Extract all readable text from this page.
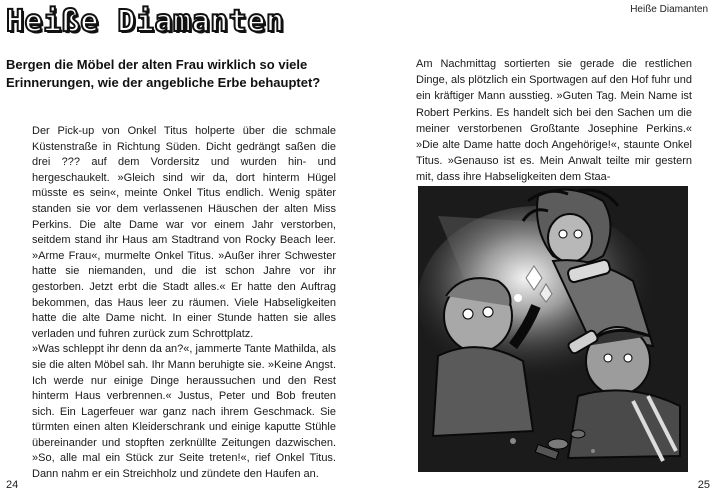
Heiße Diamanten	Heiße Diamanten
Bergen die Möbel der alten Frau wirklich so viele Erinnerungen, wie der angebliche Erbe behauptet?

Der Pick-up von Onkel Titus holperte über die schmale Küstenstraße in Richtung Süden. Dicht gedrängt saßen die drei ??? auf dem Vordersitz und wurden hin- und hergeschaukelt. »Gleich sind wir da, dort hinterm Hügel müsste es sein«, meinte Onkel Titus endlich. Wenig später standen sie vor dem verlassenen Häuschen der alten Miss Perkins. Die alte Dame war vor einem Jahr verstorben, seitdem stand ihr Haus am Stadtrand von Rocky Beach leer. »Arme Frau«, murmelte Onkel Titus. »Außer ihrer Schwester hatte sie niemanden, und die ist schon Jahre vor ihr gestorben. Jetzt erbt die Stadt alles.« Er hatte den Auftrag bekommen, das Haus leer zu räumen. Viele Habseligkeiten hatte die alte Dame nicht. In einer Stunde hatten sie alles verladen und fuhren zurück zum Schrottplatz.

»Was schleppt ihr denn da an?«, jammerte Tante Mathilda, als sie die alten Möbel sah. Ihr Mann beruhigte sie. »Keine Angst. Ich werde nur einige Dinge heraussuchen und den Rest hinterm Haus verbrennen.« Justus, Peter und Bob freuten sich. Ein Lagerfeuer war ganz nach ihrem Geschmack. Sie türmten einen alten Kleiderschrank und einige kaputte Stühle übereinander und stopften zerknüllte Zeitungen dazwischen. »So, alle mal ein Stück zur Seite treten!«, rief Onkel Titus. Dann nahm er ein Streichholz und zündete den Haufen an.

Am Nachmittag sortierten sie gerade die restlichen Dinge, als plötzlich ein Sportwagen auf den Hof fuhr und ein kräftiger Mann ausstieg. »Guten Tag. Mein Name ist Robert Perkins. Es handelt sich bei den Sachen um die meiner verstorbenen Großtante Josephine Perkins.« »Die alte Dame hatte doch Angehörige!«, staunte Onkel Titus. »Genauso ist es. Mein Anwalt teilte mir gestern mit, dass ihre Habseligkeiten dem Staa-

24	25
